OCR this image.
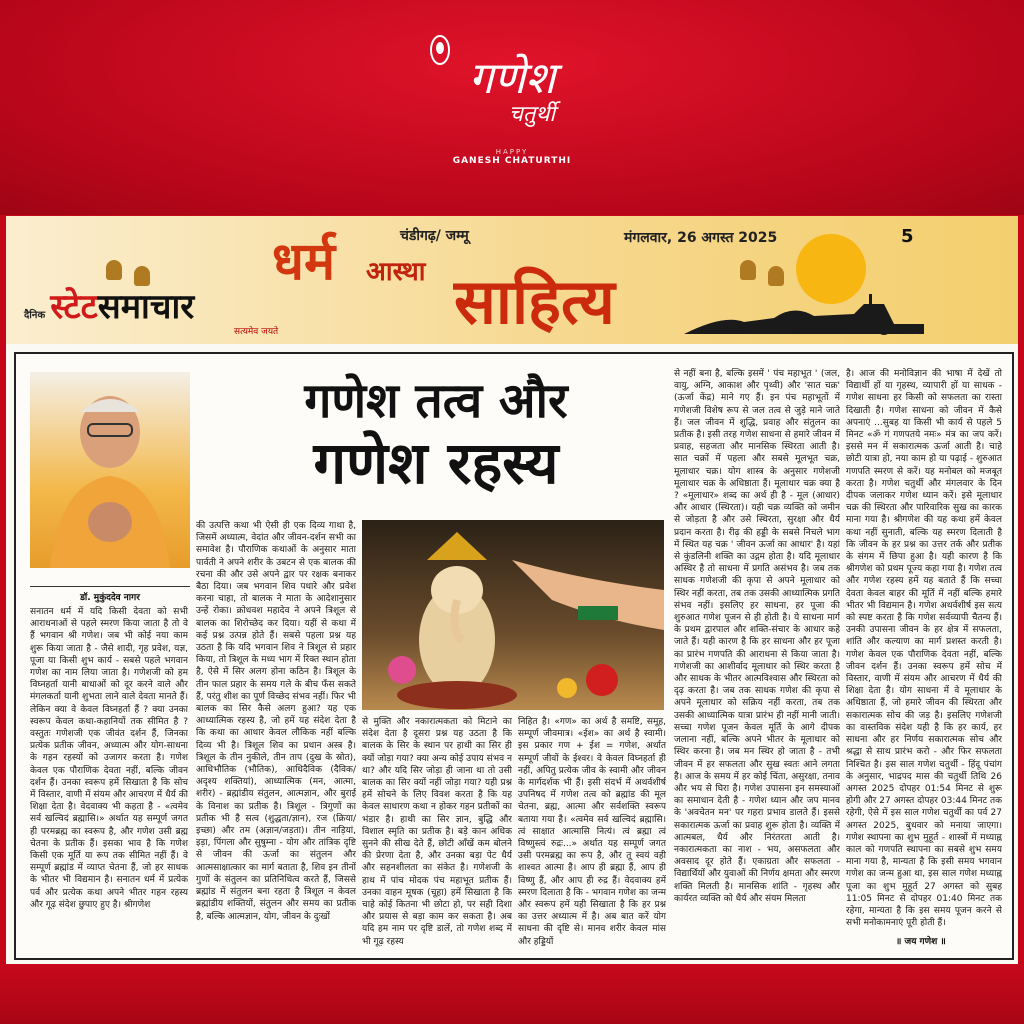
गणेश
चतुर्थी
HAPPY
GANESH CHATURTHI
दैनिक स्टेटसमाचार
सत्यमेव जयते
धर्म आस्था साहित्य
चंडीगढ़/ जम्मू	मंगलवार, 26 अगस्त 2025	5
डॉ. मुकुंददेव नागर
गणेश तत्व और
गणेश रहस्य

सनातन धर्म में यदि किसी देवता को सभी आराधनाओं से पहले स्मरण किया जाता है तो वे हैं भगवान श्री गणेश। जब भी कोई नया काम शुरू किया जाता है - जैसे शादी, गृह प्रवेश, यज्ञ, पूजा या किसी शुभ कार्य - सबसे पहले भगवान गणेश का नाम लिया जाता है। गणेशजी को हम विघ्नहर्ता यानी बाधाओं को दूर करने वाले और मंगलकर्ता यानी शुभता लाने वाले देवता मानते हैं। लेकिन क्या वे केवल विघ्नहर्ता हैं ? क्या उनका स्वरूप केवल कथा-कहानियों तक सीमित है ? वस्तुतः गणेशजी एक जीवंत दर्शन हैं, जिनका प्रत्येक प्रतीक जीवन, अध्यात्म और योग-साधना के गहन रहस्यों को उजागर करता है। गणेश केवल एक पौराणिक देवता नहीं, बल्कि जीवन दर्शन हैं। उनका स्वरूप हमें सिखाता है कि सोच में विस्तार, वाणी में संयम और आचरण में धैर्य की शिक्षा देता है। वेदवाक्य भी कहता है - «त्वमेव सर्व खल्विदं ब्रह्मासि।» अर्थात यह सम्पूर्ण जगत ही परमब्रह्म का स्वरूप है, और गणेश उसी ब्रह्म चेतना के प्रतीक हैं। इसका भाव है कि गणेश किसी एक मूर्ति या रूप तक सीमित नहीं हैं। वे सम्पूर्ण ब्रह्मांड में व्याप्त चेतना हैं, जो हर साधक के भीतर भी विद्यमान है। सनातन धर्म में प्रत्येक पर्व और प्रत्येक कथा अपने भीतर गहन रहस्य और गूढ़ संदेश छुपाए हुए है। श्रीगणेश

की उत्पत्ति कथा भी ऐसी ही एक दिव्य गाथा है, जिसमें अध्यात्म, वेदांत और जीवन-दर्शन सभी का समावेश है। पौराणिक कथाओं के अनुसार माता पार्वती ने अपने शरीर के उबटन से एक बालक की रचना की और उसे अपने द्वार पर रक्षक बनाकर बैठा दिया। जब भगवान शिव पधारे और प्रवेश करना चाहा, तो बालक ने माता के आदेशानुसार उन्हें रोका। क्रोधवश महादेव ने अपने त्रिशूल से बालक का शिरोच्छेद कर दिया। यहीं से कथा में कई प्रश्न उत्पन्न होते हैं। सबसे पहला प्रश्न यह उठता है कि यदि भगवान शिव ने त्रिशूल से प्रहार किया, तो त्रिशूल के मध्य भाग में रिक्त स्थान होता है, ऐसे में सिर अलग होना कठिन है। त्रिशूल के तीन फाल प्रहार के समय गले के बीच फँस सकते हैं, परंतु शीश का पूर्ण विच्छेद संभव नहीं। फिर भी बालक का सिर कैसे अलग हुआ? यह एक आध्यात्मिक रहस्य है, जो हमें यह संदेश देता है कि कथा का आधार केवल लौकिक नहीं बल्कि दिव्य भी है। त्रिशूल शिव का प्रधान अस्त्र है। त्रिशूल के तीन नुकीले, तीन ताप (दुख के स्रोत), आधिभौतिक (भौतिक), आधिदैविक (दैविक/अदृश्य शक्तियां), आध्यात्मिक (मन, आत्मा, शरीर) - ब्रह्मांडीय संतुलन, आत्मज्ञान, और बुराई के विनाश का प्रतीक है। त्रिशूल - त्रिगुणों का प्रतीक भी है सत्व (शुद्धता/ज्ञान), रज (क्रिया/इच्छा) और तम (अज्ञान/जड़ता)। तीन नाड़ियां, इड़ा, पिंगला और सुषुम्ना - योग और तांत्रिक दृष्टि से जीवन की ऊर्जा का संतुलन और आत्मसाक्षात्कार का मार्ग बताता है, शिव इन तीनों गुणों के संतुलन का प्रतिनिधित्व करते हैं, जिससे ब्रह्मांड में संतुलन बना रहता है त्रिशूल न केवल ब्रह्मांडीय शक्तियों, संतुलन और समय का प्रतीक है, बल्कि आत्मज्ञान, योग, जीवन के दुःखों

से मुक्ति और नकारात्मकता को मिटाने का संदेश देता है दूसरा प्रश्न यह उठता है कि बालक के सिर के स्थान पर हाथी का सिर ही क्यों जोड़ा गया? क्या अन्य कोई उपाय संभव न था? और यदि सिर जोड़ा ही जाना था तो उसी बालक का सिर क्यों नहीं जोड़ा गया? यही प्रश्न हमें सोचने के लिए विवश करता है कि यह केवल साधारण कथा न होकर गहन प्रतीकों का भंडार है। हाथी का सिर ज्ञान, बुद्धि और विशाल स्मृति का प्रतीक है। बड़े कान अधिक सुनने की सीख देते हैं, छोटी आँखें कम बोलने की प्रेरणा देता है, और उनका बड़ा पेट धैर्य और सहनशीलता का संकेत है। गणेशजी के हाथ में पांच मोदक पंच महाभूत प्रतीक हैं। उनका वाहन मूषक (चूहा) हमें सिखाता है कि चाहे कोई कितना भी छोटा हो, पर सही दिशा और प्रयास से बड़ा काम कर सकता है। अब यदि हम नाम पर दृष्टि डालें, तो गणेश शब्द में भी गूढ़ रहस्य

निहित है। «गण» का अर्थ है समष्टि, समूह, सम्पूर्ण जीवमात्र। «ईश» का अर्थ है स्वामी। इस प्रकार गण + ईश = गणेश, अर्थात सम्पूर्ण जीवों के ईश्वर। वे केवल विघ्नहर्ता ही नहीं, अपितु प्रत्येक जीव के स्वामी और जीवन के मार्गदर्शक भी हैं। इसी संदर्भ में अथर्वशीर्ष उपनिषद में गणेश तत्व को ब्रह्मांड की मूल चेतना, ब्रह्म, आत्मा और सर्वशक्ति स्वरूप बताया गया है। «त्वमेव सर्व खल्विदं ब्रह्मासि। त्वं साक्षात आत्मासि नित्यं। त्वं ब्रह्मा त्वं विष्णुस्त्वं रुद्रः...» अर्थात यह सम्पूर्ण जगत उसी परमब्रह्म का रूप है, और तू स्वयं वही शाश्वत आत्मा है। आप ही ब्रह्मा हैं, आप ही विष्णु हैं, और आप ही रुद्र हैं। वेदवाक्य हमें स्मरण दिलाता है कि - भगवान गणेश का जन्म और स्वरूप हमें यही सिखाता है कि हर प्रश्न का उत्तर अध्यात्म में है। अब बात करें योग साधना की दृष्टि से। मानव शरीर केवल मांस और हड्डियों

से नहीं बना है, बल्कि इसमें ' पंच महाभूत ' (जल, वायु, अग्नि, आकाश और पृथ्वी) और 'सात चक्र' (ऊर्जा केंद्र) माने गए हैं। इन पंच महाभूतों में गणेशजी विशेष रूप से जल तत्व से जुड़े माने जाते हैं। जल जीवन में शुद्धि, प्रवाह और संतुलन का प्रतीक है। इसी तरह गणेश साधना से हमारे जीवन में प्रवाह, सहजता और मानसिक स्थिरता आती है। सात चक्रों में पहला और सबसे मूलभूत चक्र, मूलाधार चक्र। योग शास्त्र के अनुसार गणेशजी मूलाधार चक्र के अधिष्ठाता हैं। मूलाधार चक्र क्या है ? «मूलाधार» शब्द का अर्थ ही है - मूल (आधार) और आधार (स्थिरता)। यही चक्र व्यक्ति को जमीन से जोड़ता है और उसे स्थिरता, सुरक्षा और धैर्य प्रदान करता है। रीढ़ की हड्डी के सबसे निचले भाग में स्थित यह चक्र ' जीवन ऊर्जा का आधार' है। यहां से कुंडलिनी शक्ति का उद्गम होता है। यदि मूलाधार अस्थिर है तो साधना में प्रगति असंभव है। जब तक साधक गणेशजी की कृपा से अपने मूलाधार को स्थिर नहीं करता, तब तक उसकी आध्यात्मिक प्रगति संभव नहीं। इसलिए हर साधना, हर पूजा की शुरुआत गणेश पूजन से ही होती है। ये साधना मार्ग के प्रथम द्वारपाल और शक्ति-संचार के आधार कहे जाते हैं। यही कारण है कि हर साधना और हर पूजा का प्रारंभ गणपति की आराधना से किया जाता है। गणेशजी का आशीर्वाद मूलाधार को स्थिर करता है और साधक के भीतर आत्मविश्वास और स्थिरता को दृढ़ करता है। जब तक साधक गणेश की कृपा से अपने मूलाधार को सक्रिय नहीं करता, तब तक उसकी आध्यात्मिक यात्रा प्रारंभ ही नहीं मानी जाती। सच्चा गणेश पूजन केवल मूर्ति के आगे दीपक जलाना नहीं, बल्कि अपने भीतर के मूलाधार को स्थिर करना है। जब मन स्थिर हो जाता है - तभी जीवन में हर सफलता और सुख स्वतः आने लगता है। आज के समय में हर कोई चिंता, असुरक्षा, तनाव और भय से घिरा है। गणेश उपासना इन समस्याओं का समाधान देती है - गणेश ध्यान और जप मानव के 'अवचेतन मन' पर गहरा प्रभाव डालते हैं। इससे सकारात्मक ऊर्जा का प्रवाह शुरू होता है। व्यक्ति में आत्मबल, धैर्य और निरंतरता आती है। नकारात्मकता का नाश - भय, असफलता और अवसाद दूर होते हैं। एकाग्रता और सफलता - विद्यार्थियों और युवाओं की निर्णय क्षमता और स्मरण शक्ति मिलती है। मानसिक शांति - गृहस्थ और कार्यरत व्यक्ति को धैर्य और संयम मिलता

है। आज की मनोविज्ञान की भाषा में देखें तो विद्यार्थी हों या गृहस्थ, व्यापारी हों या साधक - गणेश साधना हर किसी को सफलता का रास्ता दिखाती है। गणेश साधना को जीवन में कैसे अपनाएं ...सुबह या किसी भी कार्य से पहले 5 मिनट «ॐ गं गणपतये नमः» मंत्र का जप करें। इससे मन में सकारात्मक ऊर्जा आती है। चाहे छोटी यात्रा हो, नया काम हो या पढ़ाई - शुरुआत गणपति स्मरण से करें। यह मनोबल को मजबूत करता है। गणेश चतुर्थी और मंगलवार के दिन दीपक जलाकर गणेश ध्यान करें। इसे मूलाधार चक्र की स्थिरता और पारिवारिक सुख का कारक माना गया है। श्रीगणेश की यह कथा हमें केवल कथा नहीं सुनाती, बल्कि यह स्मरण दिलाती है कि जीवन के हर प्रश्न का उत्तर तर्क और प्रतीक के संगम में छिपा हुआ है। यही कारण है कि श्रीगणेश को प्रथम पूज्य कहा गया है। गणेश तत्व और गणेश रहस्य हमें यह बताते हैं कि सच्चा देवता केवल बाहर की मूर्ति में नहीं बल्कि हमारे भीतर भी विद्यमान है। गणेश अथर्वशीर्ष इस सत्य को स्पष्ट करता है कि गणेश सर्वव्यापी चैतन्य हैं। उनकी उपासना जीवन के हर क्षेत्र में सफलता, शांति और कल्याण का मार्ग प्रशस्त करती है। गणेश केवल एक पौराणिक देवता नहीं, बल्कि जीवन दर्शन हैं। उनका स्वरूप हमें सोच में विस्तार, वाणी में संयम और आचरण में धैर्य की शिक्षा देता है। योग साधना में वे मूलाधार के अधिष्ठाता हैं, जो हमारे जीवन की स्थिरता और सकारात्मक सोच की जड़ है। इसलिए गणेशजी का वास्तविक संदेश यही है कि हर कार्य, हर साधना और हर निर्णय सकारात्मक सोच और श्रद्धा से साथ प्रारंभ करो - और फिर सफलता निश्चित है। इस साल गणेश चतुर्थी - हिंदू पंचांग के अनुसार, भाद्रपद मास की चतुर्थी तिथि 26 अगस्त 2025 दोपहर 01:54 मिनट से शुरू होगी और 27 अगस्त दोपहर 03:44 मिनट तक रहेगी, ऐसे में इस साल गणेश चतुर्थी का पर्व 27 अगस्त 2025, बुधवार को मनाया जाएगा। गणेश स्थापना का शुभ मुहूर्त - शास्त्रों में मध्याह्न काल को गणपति स्थापना का सबसे शुभ समय माना गया है, मान्यता है कि इसी समय भगवान गणेश का जन्म हुआ था, इस साल गणेश मध्याह्न पूजा का शुभ मुहूर्त 27 अगस्त को सुबह 11:05 मिनट से दोपहर 01:40 मिनट तक रहेगा, मान्यता है कि इस समय पूजन करने से सभी मनोकामनाएं पूरी होती हैं।

॥ जय गणेश ॥
